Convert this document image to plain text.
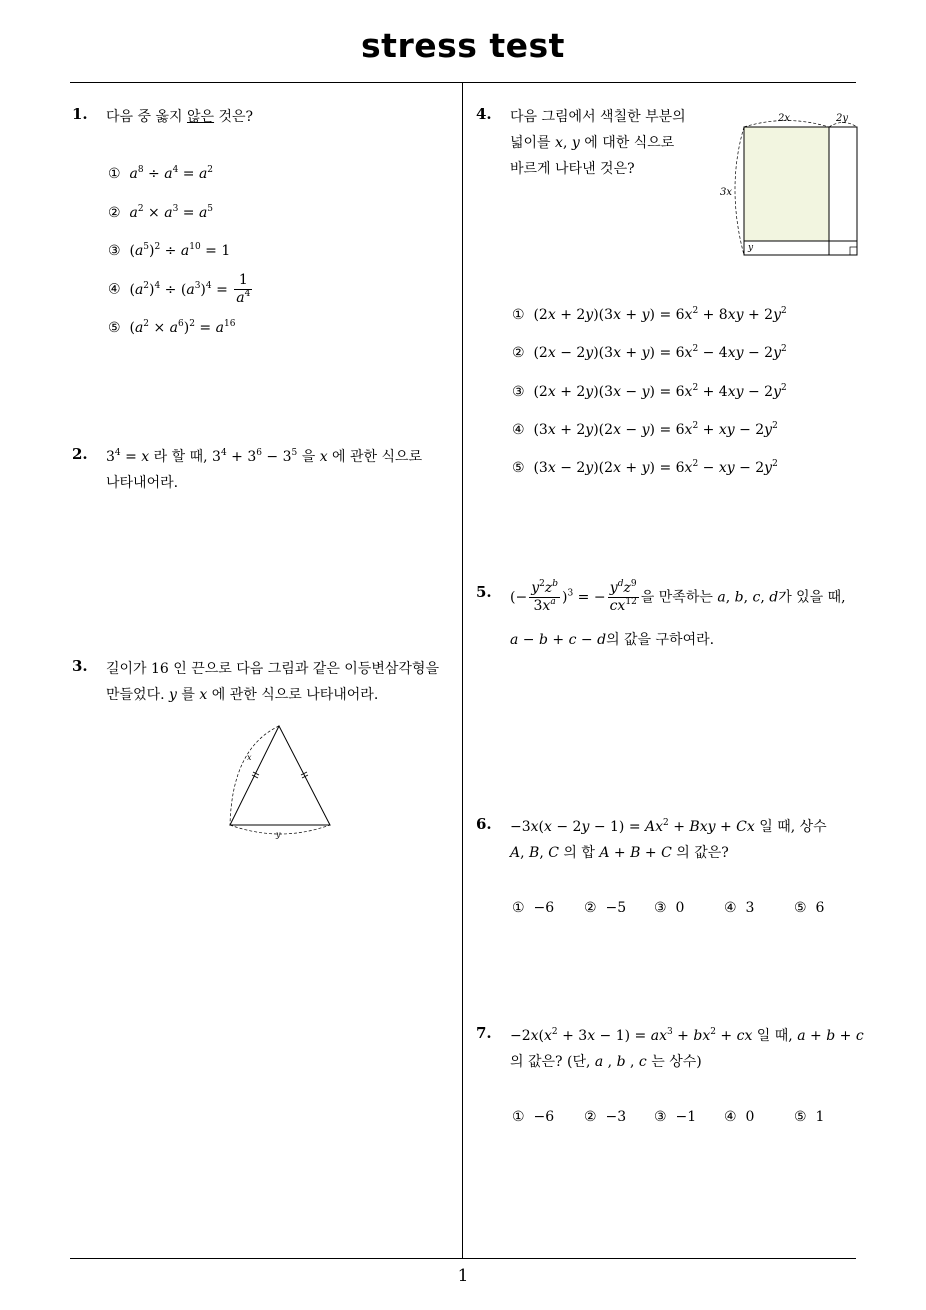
stress test
1
1. 다음 중 옳지 않은 것은?
① $a^8 \div a^4 = a^2$
② $a^2 \times a^3 = a^5$
③ $(a^5)^2 \div a^{10} = 1$
④ $(a^2)^4 \div (a^3)^4 = \frac{1}{a^4}$
⑤ $(a^2 \times a^6)^2 = a^{16}$
2. $3^4 = x$ 라 할 때, $3^4 + 3^6 - 3^5$ 을 x 에 관한 식으로
나타내어라.
3. 길이가 16 인 끈으로 다음 그림과 같은 이등변삼각형을
만들었다. y 를 x 에 관한 식으로 나타내어라.
x
y
4. 다음 그림에서 색칠한 부분의
넓이를 x, y 에 대한 식으로
바르게 나타낸 것은?
2x	2y
3x
y
① $(2x + 2y)(3x + y) = 6x^2 + 8xy + 2y^2$
② $(2x - 2y)(3x + y) = 6x^2 - 4xy - 2y^2$
③ $(2x + 2y)(3x - y) = 6x^2 + 4xy - 2y^2$
④ $(3x + 2y)(2x - y) = 6x^2$ + xy − $2y^2$
⑤ $(3x - 2y)(2x + y) = 6x^2$ − xy − $2y^2$
5. (− $\frac{y^2z^b}{3x^a} )^3$ = − $\frac{y^dz^9}{cx^{12}}$ 을 만족하는 a, b, c, d가 있을 때,
a − b + c − d의 값을 구하여라.
6. $-3x(x - 2y - 1) = Ax^2$ + Bxy + Cx 일 때, 상수
A, B, C 의 합 A + B + C 의 값은?
① −6 ② −5 ③ 0	④ 3	⑤ 6
7. $-2x(x^2 + 3x - 1) = ax^3 + bx^2$ + cx 일 때, a + b + c
의 값은? (단, a , b , c 는 상수)
① −6 ② −3 ③ −1 ④ 0	⑤ 1
